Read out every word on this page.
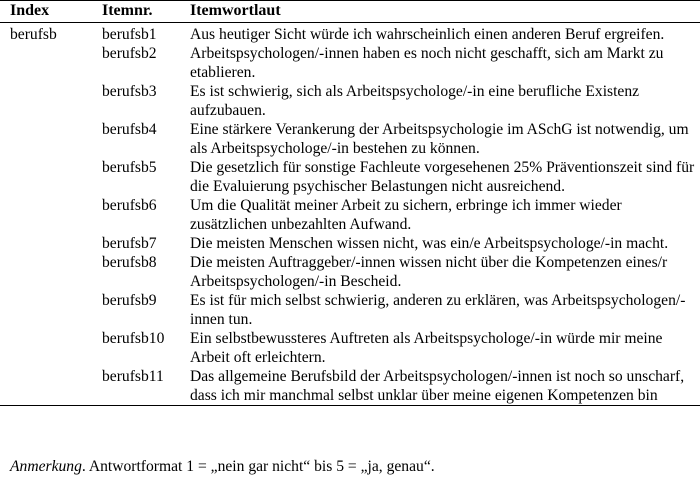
Index	Itemnr.	Itemwortlaut
berufsb	berufsb1	Aus heutiger Sicht würde ich wahrscheinlich einen anderen Beruf ergreifen.
	berufsb2	Arbeitspsychologen/-innen haben es noch nicht geschafft, sich am Markt zu etablieren.
	berufsb3	Es ist schwierig, sich als Arbeitspsychologe/-in eine berufliche Existenz aufzubauen.
	berufsb4	Eine stärkere Verankerung der Arbeitspsychologie im ASchG ist notwendig, um als Arbeitspsychologe/-in bestehen zu können.
	berufsb5	Die gesetzlich für sonstige Fachleute vorgesehenen 25% Präventionszeit sind für die Evaluierung psychischer Belastungen nicht ausreichend.
	berufsb6	Um die Qualität meiner Arbeit zu sichern, erbringe ich immer wieder zusätzlichen unbezahlten Aufwand.
	berufsb7	Die meisten Menschen wissen nicht, was ein/e Arbeitspsychologe/-in macht.
	berufsb8	Die meisten Auftraggeber/-innen wissen nicht über die Kompetenzen eines/r Arbeitspsychologen/-in Bescheid.
	berufsb9	Es ist für mich selbst schwierig, anderen zu erklären, was Arbeitspsychologen/-innen tun.
	berufsb10	Ein selbstbewussteres Auftreten als Arbeitspsychologe/-in würde mir meine Arbeit oft erleichtern.
	berufsb11	Das allgemeine Berufsbild der Arbeitspsychologen/-innen ist noch so unscharf, dass ich mir manchmal selbst unklar über meine eigenen Kompetenzen bin
Anmerkung. Antwortformat 1 = „nein gar nicht“ bis 5 = „ja, genau“.
